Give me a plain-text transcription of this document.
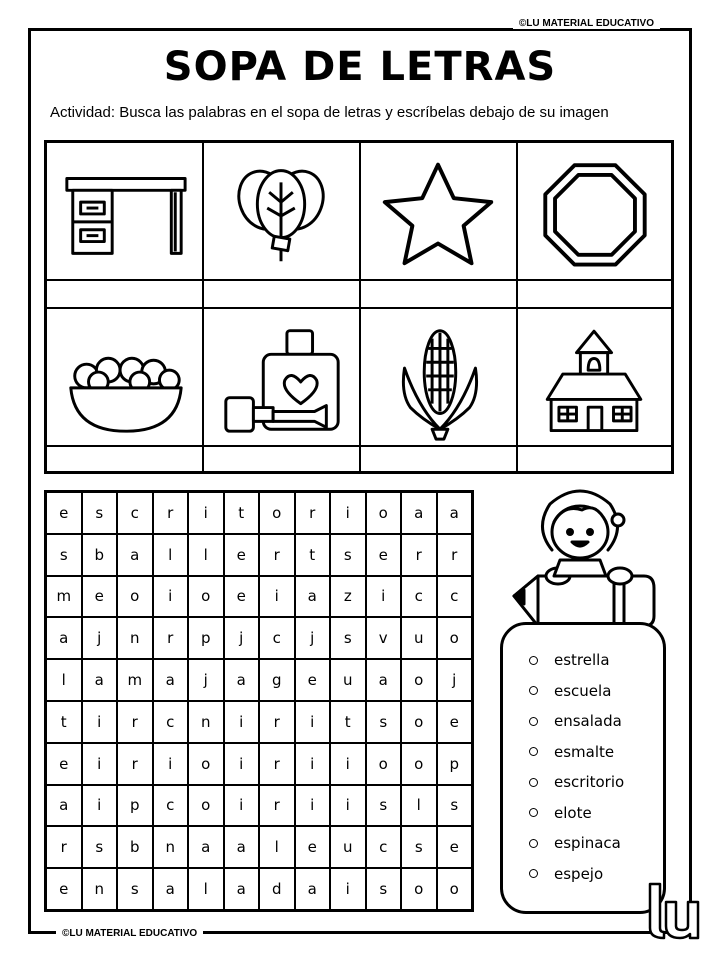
©LU MATERIAL EDUCATIVO
©LU MATERIAL EDUCATIVO
SOPA DE LETRAS
Actividad: Busca las palabras en el sopa de letras y escríbelas debajo de su imagen
e	s	c	r	i	t	o	r	i	o	a	a
s	b	a	l	l	e	r	t	s	e	r	r
m	e	o	i	o	e	i	a	z	i	c	c
a	j	n	r	p	j	c	j	s	v	u	o
l	a	m	a	j	a	g	e	u	a	o	j
t	i	r	c	n	i	r	i	t	s	o	e
e	i	r	i	o	i	r	i	i	o	o	p
a	i	p	c	o	i	r	i	i	s	l	s
r	s	b	n	a	a	l	e	u	c	s	e
e	n	s	a	l	a	d	a	i	s	o	o
estrella
escuela
ensalada
esmalte
escritorio
elote
espinaca
espejo
